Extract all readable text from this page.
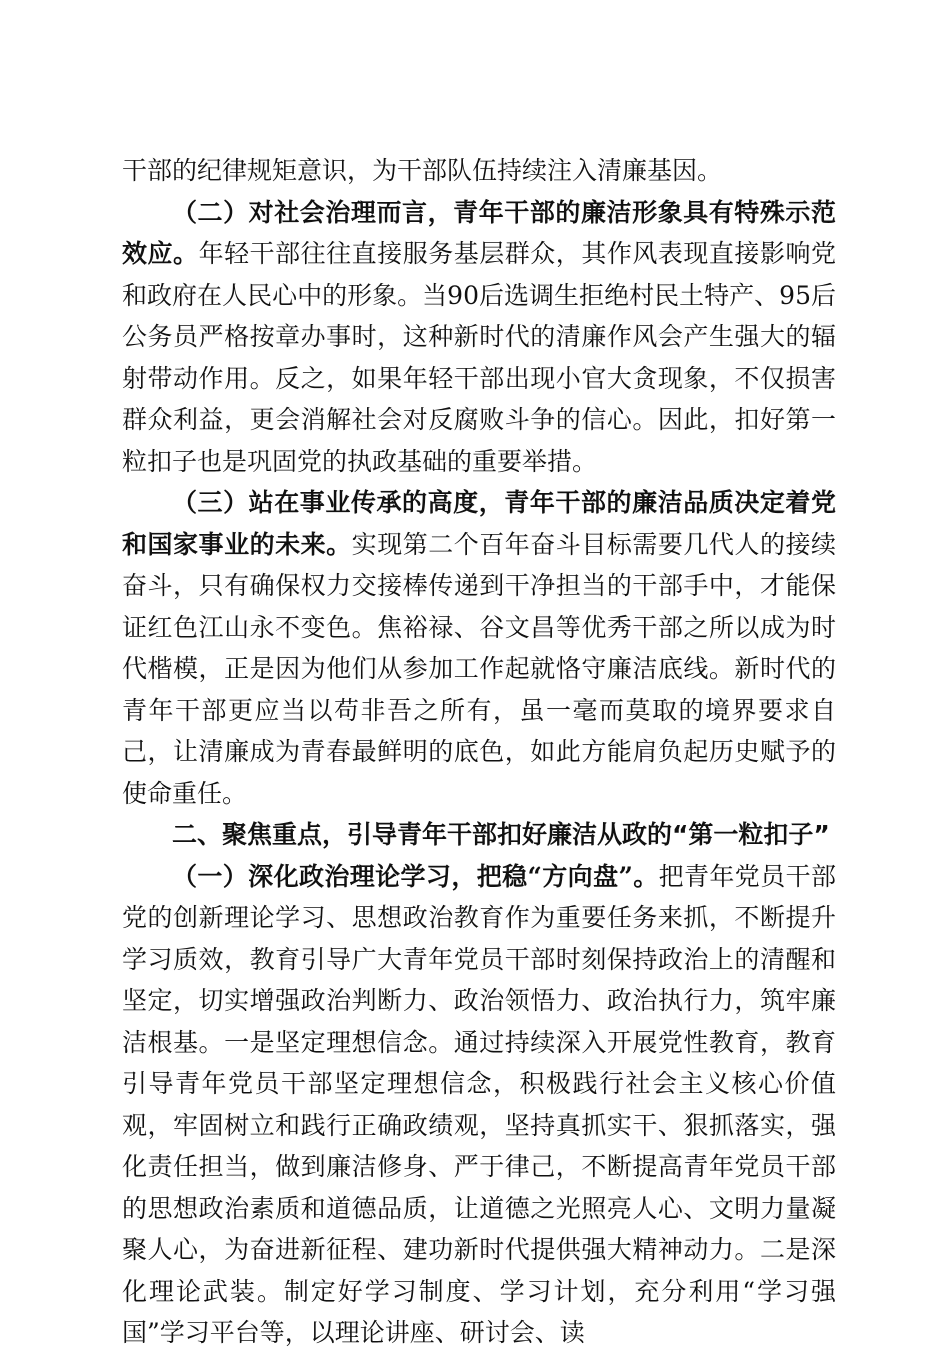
干部的纪律规矩意识，为干部队伍持续注入清廉基因。

（二）对社会治理而言，青年干部的廉洁形象具有特殊示范效应。年轻干部往往直接服务基层群众，其作风表现直接影响党和政府在人民心中的形象。当90后选调生拒绝村民土特产、95后公务员严格按章办事时，这种新时代的清廉作风会产生强大的辐射带动作用。反之，如果年轻干部出现小官大贪现象，不仅损害群众利益，更会消解社会对反腐败斗争的信心。因此，扣好第一粒扣子也是巩固党的执政基础的重要举措。

（三）站在事业传承的高度，青年干部的廉洁品质决定着党和国家事业的未来。实现第二个百年奋斗目标需要几代人的接续奋斗，只有确保权力交接棒传递到干净担当的干部手中，才能保证红色江山永不变色。焦裕禄、谷文昌等优秀干部之所以成为时代楷模，正是因为他们从参加工作起就恪守廉洁底线。新时代的青年干部更应当以苟非吾之所有，虽一毫而莫取的境界要求自己，让清廉成为青春最鲜明的底色，如此方能肩负起历史赋予的使命重任。

二、聚焦重点，引导青年干部扣好廉洁从政的“第一粒扣子”

（一）深化政治理论学习，把稳“方向盘”。把青年党员干部党的创新理论学习、思想政治教育作为重要任务来抓，不断提升学习质效，教育引导广大青年党员干部时刻保持政治上的清醒和坚定，切实增强政治判断力、政治领悟力、政治执行力，筑牢廉洁根基。一是坚定理想信念。通过持续深入开展党性教育，教育引导青年党员干部坚定理想信念，积极践行社会主义核心价值观，牢固树立和践行正确政绩观，坚持真抓实干、狠抓落实，强化责任担当，做到廉洁修身、严于律己，不断提高青年党员干部的思想政治素质和道德品质，让道德之光照亮人心、文明力量凝聚人心，为奋进新征程、建功新时代提供强大精神动力。二是深化理论武装。制定好学习制度、学习计划，充分利用“学习强国”学习平台等，以理论讲座、研讨会、读
